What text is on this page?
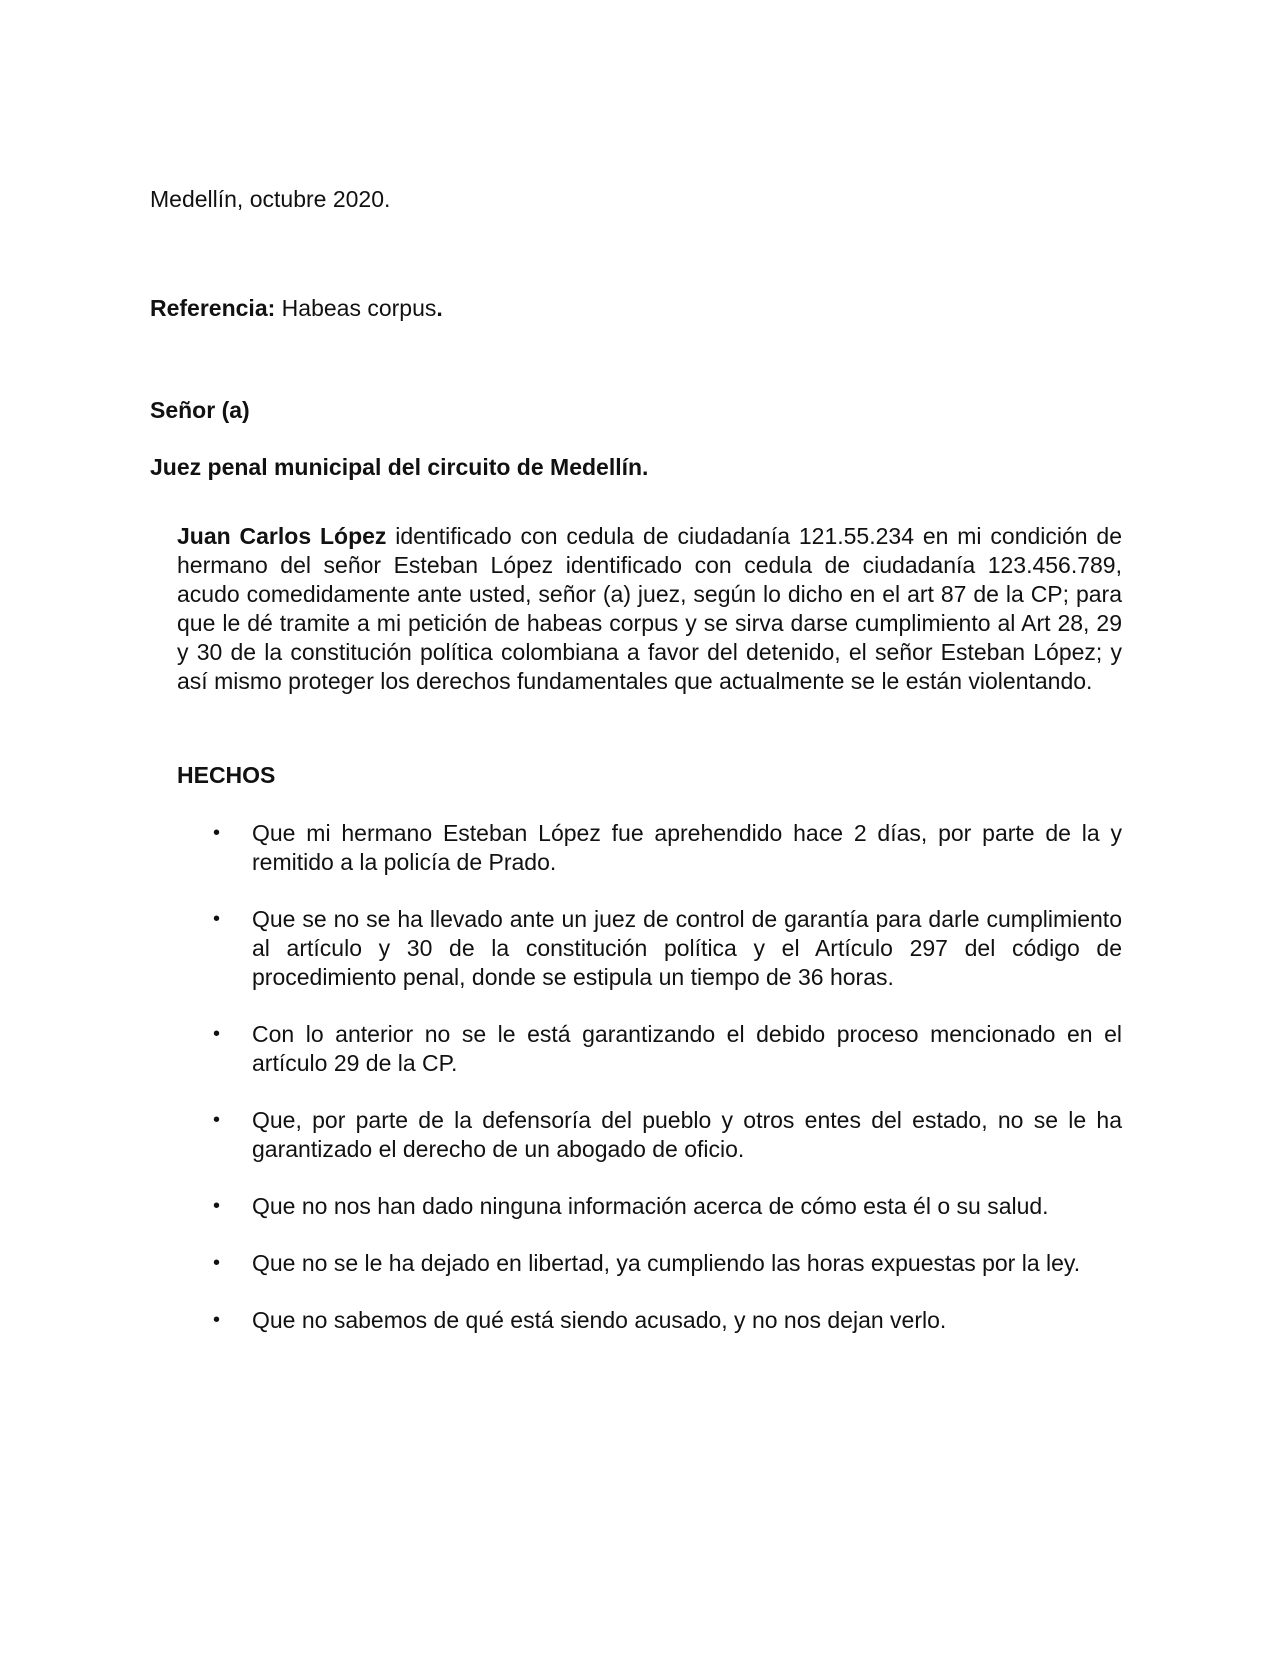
Medellín, octubre 2020.
Referencia: Habeas corpus.
Señor (a)
Juez penal municipal del circuito de Medellín.

Juan Carlos López identificado con cedula de ciudadanía 121.55.234 en mi condición de hermano del señor Esteban López identificado con cedula de ciudadanía 123.456.789, acudo comedidamente ante usted, señor (a) juez, según lo dicho en el art 87 de la CP; para que le dé tramite a mi petición de habeas corpus y se sirva darse cumplimiento al Art 28, 29 y 30 de la constitución política colombiana a favor del detenido, el señor Esteban López; y así mismo proteger los derechos fundamentales que actualmente se le están violentando.

HECHOS
• Que mi hermano Esteban López fue aprehendido hace 2 días, por parte de la y remitido a la policía de Prado.
• Que se no se ha llevado ante un juez de control de garantía para darle cumplimiento al artículo y 30 de la constitución política y el Artículo 297 del código de procedimiento penal, donde se estipula un tiempo de 36 horas.
• Con lo anterior no se le está garantizando el debido proceso mencionado en el artículo 29 de la CP.
• Que, por parte de la defensoría del pueblo y otros entes del estado, no se le ha garantizado el derecho de un abogado de oficio.
• Que no nos han dado ninguna información acerca de cómo esta él o su salud.
• Que no se le ha dejado en libertad, ya cumpliendo las horas expuestas por la ley.
• Que no sabemos de qué está siendo acusado, y no nos dejan verlo.
